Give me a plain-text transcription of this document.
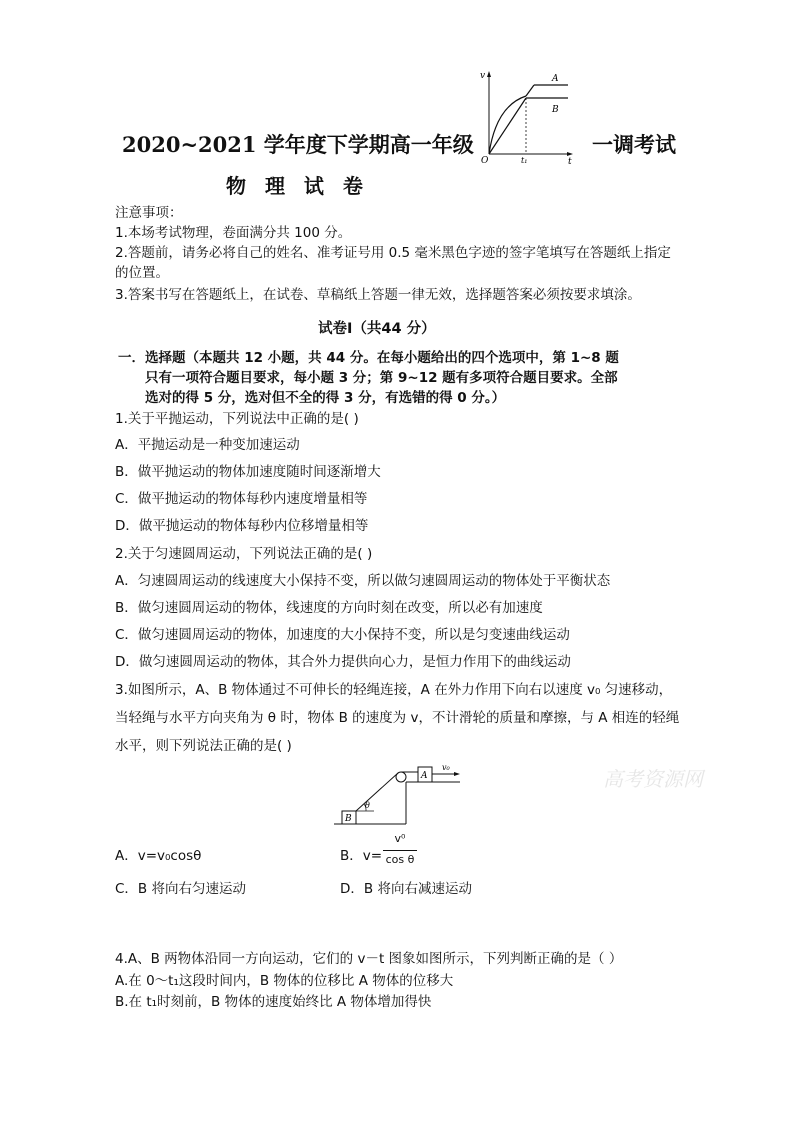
2020~2021 学年度下学期高一年级	一调考试
物 理 试 卷
v
t
O	t₁
A
B
注意事项：
1.本场考试物理，卷面满分共 100 分。
2.答题前，请务必将自己的姓名、准考证号用 0.5 毫米黑色字迹的签字笔填写在答题纸上指定
的位置。
3.答案书写在答题纸上，在试卷、草稿纸上答题一律无效，选择题答案必须按要求填涂。
试卷Ⅰ（共44 分）
一．选择题（本题共 12 小题，共 44 分。在每小题给出的四个选项中，第 1~8 题
只有一项符合题目要求，每小题 3 分；第 9~12 题有多项符合题目要求。全部
选对的得 5 分，选对但不全的得 3 分，有选错的得 0 分。）
1.关于平抛运动，下列说法中正确的是( )
A．平抛运动是一种变加速运动
B．做平抛运动的物体加速度随时间逐渐增大
C．做平抛运动的物体每秒内速度增量相等
D．做平抛运动的物体每秒内位移增量相等
2.关于匀速圆周运动，下列说法正确的是( )
A．匀速圆周运动的线速度大小保持不变，所以做匀速圆周运动的物体处于平衡状态
B．做匀速圆周运动的物体，线速度的方向时刻在改变，所以必有加速度
C．做匀速圆周运动的物体，加速度的大小保持不变，所以是匀变速曲线运动
D．做匀速圆周运动的物体，其合外力提供向心力，是恒力作用下的曲线运动
3.如图所示，A、B 物体通过不可伸长的轻绳连接，A 在外力作用下向右以速度 v₀ 匀速移动，
当轻绳与水平方向夹角为 θ 时，物体 B 的速度为 v，不计滑轮的质量和摩擦，与 A 相连的轻绳
水平，则下列说法正确的是( )
B
A
θ
v₀
A．v=v₀cosθ	B．v=
v⁰
cos θ
C．B 将向右匀速运动	D．B 将向右减速运动
4.A、B 两物体沿同一方向运动，它们的 v－t 图象如图所示，下列判断正确的是（ ）
A.在 0～t₁这段时间内，B 物体的位移比 A 物体的位移大
B.在 t₁时刻前，B 物体的速度始终比 A 物体增加得快
高考资源网
